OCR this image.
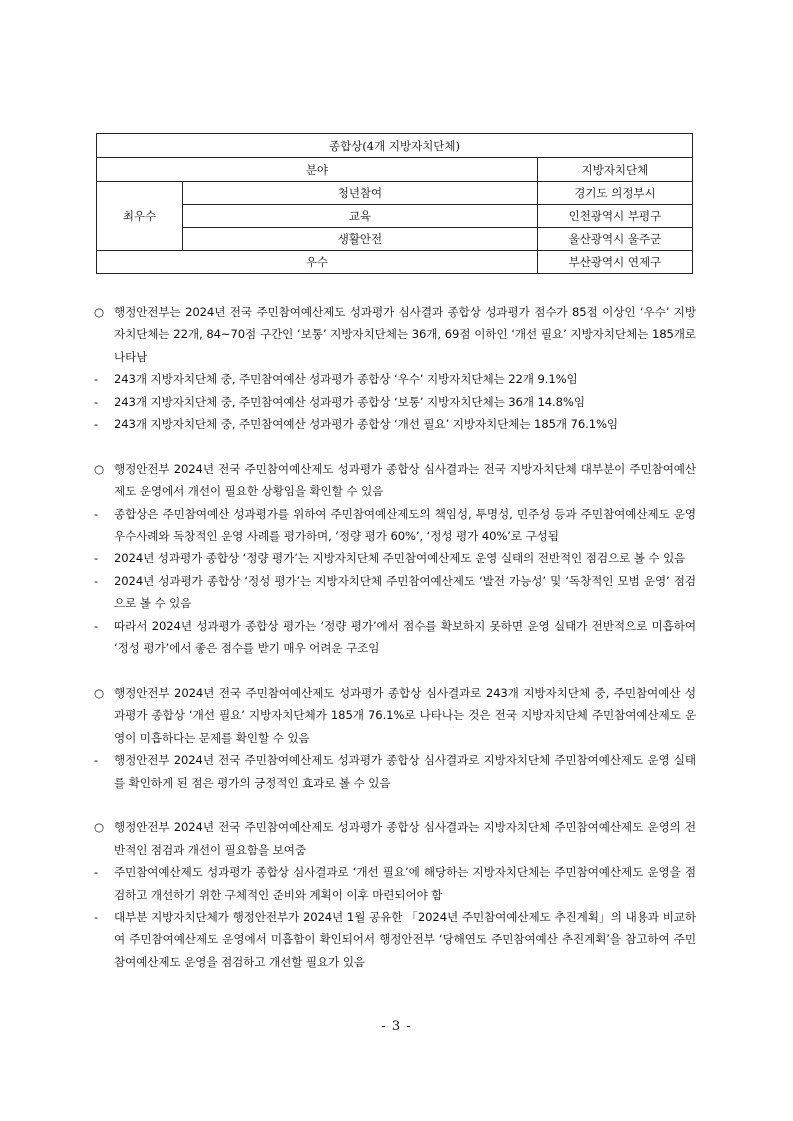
종합상(4개 지방자치단체)		
분야		지방자치단체
최우수	청년참여	경기도 의정부시
	교육	인천광역시 부평구
	생활안전	울산광역시 울주군
우수		부산광역시 연제구
○ 행정안전부는 2024년 전국 주민참여예산제도 성과평가 심사결과 종합상 성과평가 점수가 85점 이상인 ‘우수’ 지방자치단체는 22개, 84~70점 구간인 ‘보통’ 지방자치단체는 36개, 69점 이하인 ‘개선 필요’ 지방자치단체는 185개로 나타남
-	243개 지방자치단체 중, 주민참여예산 성과평가 종합상 ‘우수’ 지방자치단체는 22개 9.1%임
-	243개 지방자치단체 중, 주민참여예산 성과평가 종합상 ‘보통’ 지방자치단체는 36개 14.8%임
-	243개 지방자치단체 중, 주민참여예산 성과평가 종합상 ‘개선 필요’ 지방자치단체는 185개 76.1%임
○ 행정안전부 2024년 전국 주민참여예산제도 성과평가 종합상 심사결과는 전국 지방자치단체 대부분이 주민참여예산제도 운영에서 개선이 필요한 상황임을 확인할 수 있음
-	종합상은 주민참여예산 성과평가를 위하여 주민참여예산제도의 책임성, 투명성, 민주성 등과 주민참여예산제도 운영 우수사례와 독창적인 운영 사례를 평가하며, ‘정량 평가 60%’, ‘정성 평가 40%’로 구성됨
-	2024년 성과평가 종합상 ‘정량 평가’는 지방자치단체 주민참여예산제도 운영 실태의 전반적인 점검으로 볼 수 있음
-	2024년 성과평가 종합상 ‘정성 평가’는 지방자치단체 주민참여예산제도 ‘발전 가능성’ 및 ‘독창적인 모범 운영’ 점검으로 볼 수 있음
-	따라서 2024년 성과평가 종합상 평가는 ‘정량 평가’에서 점수를 확보하지 못하면 운영 실태가 전반적으로 미흡하여 ‘정성 평가’에서 좋은 점수를 받기 매우 어려운 구조임
○ 행정안전부 2024년 전국 주민참여예산제도 성과평가 종합상 심사결과로 243개 지방자치단체 중, 주민참여예산 성과평가 종합상 ‘개선 필요’ 지방자치단체가 185개 76.1%로 나타나는 것은 전국 지방자치단체 주민참여예산제도 운영이 미흡하다는 문제를 확인할 수 있음
-	행정안전부 2024년 전국 주민참여예산제도 성과평가 종합상 심사결과로 지방자치단체 주민참여예산제도 운영 실태를 확인하게 된 점은 평가의 긍정적인 효과로 볼 수 있음
○ 행정안전부 2024년 전국 주민참여예산제도 성과평가 종합상 심사결과는 지방자치단체 주민참여예산제도 운영의 전반적인 점검과 개선이 필요함을 보여줌
-	주민참여예산제도 성과평가 종합상 심사결과로 ‘개선 필요’에 해당하는 지방자치단체는 주민참여예산제도 운영을 점검하고 개선하기 위한 구체적인 준비와 계획이 이후 마련되어야 함
-	대부분 지방자치단체가 행정안전부가 2024년 1월 공유한 「2024년 주민참여예산제도 추진계획」의 내용과 비교하여 주민참여예산제도 운영에서 미흡함이 확인되어서 행정안전부 ‘당해연도 주민참여예산 추진계획’을 참고하여 주민참여예산제도 운영을 점검하고 개선할 필요가 있음
- 3 -
